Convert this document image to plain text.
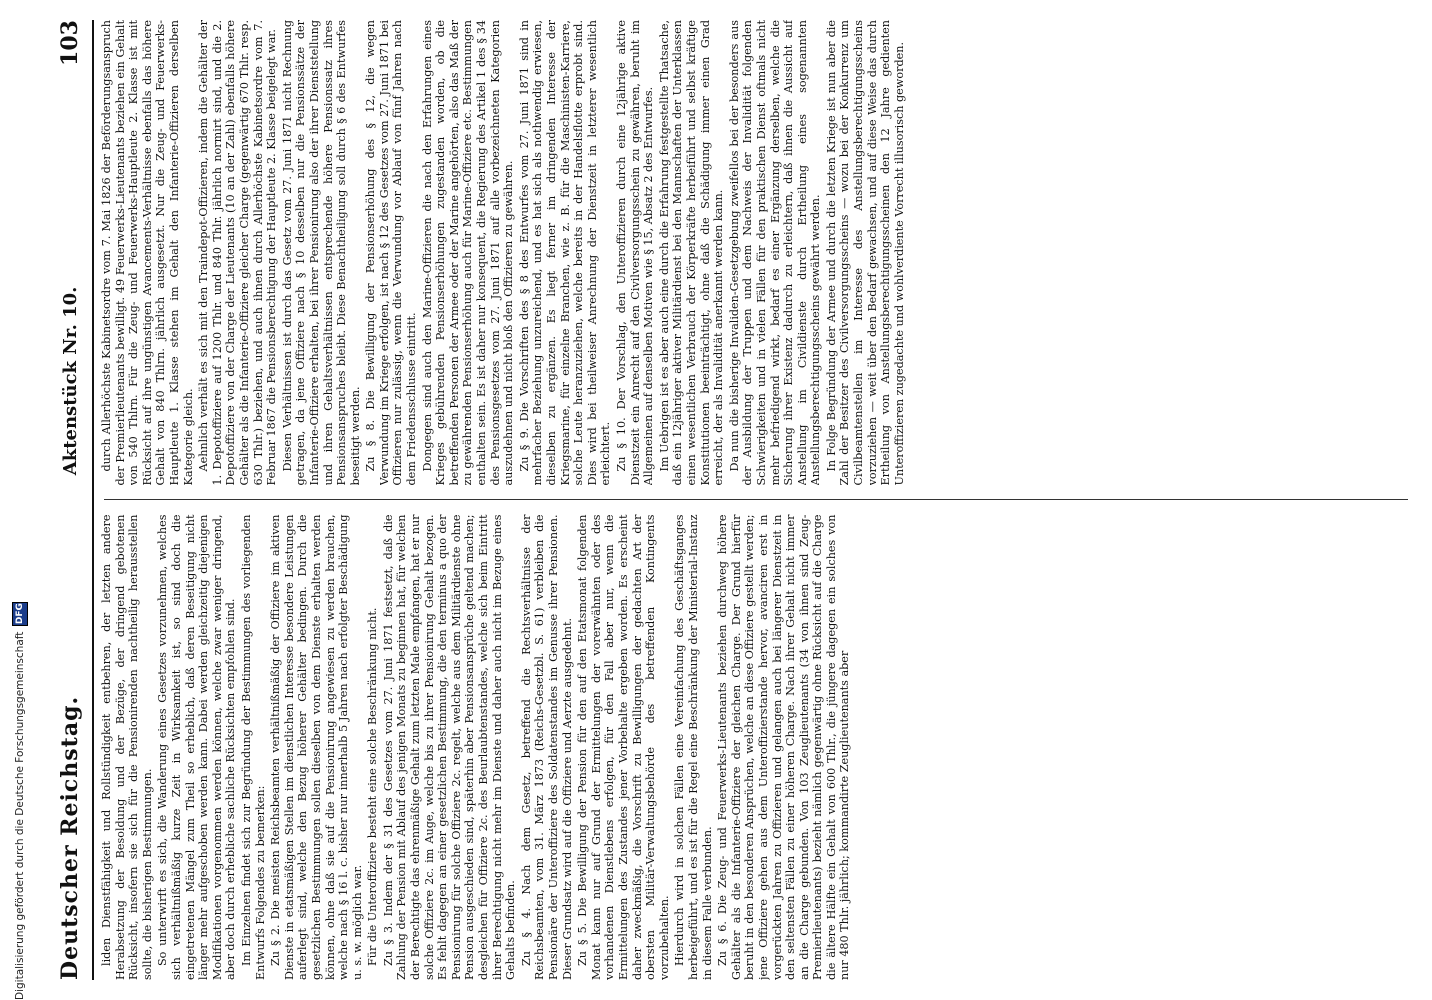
Digitalisierung gefördert durch die Deutsche Forschungsgemeinschaft
DFG
Deutscher Reichstag.
Aktenstück Nr. 10.
103

liden Dienstfähigkeit und Rollstündigkeit entbehren, der letzten andere Herabsetzung der Besoldung und der Bezüge, der dringend gebotenen Rücksicht, insofern sie sich für die Pensionirenden nachtheilig herausstellen sollte, die bisherigen Bestimmungen. So unterwirft es sich, die Wanderung eines Gesetzes vorzunehmen, welches sich verhältnißmäßig kurze Zeit in Wirksamkeit ist, so sind doch die eingetretenen Mängel zum Theil so erheblich, daß deren Beseitigung nicht länger mehr aufgeschoben werden kann. Dabei werden gleichzeitig diejenigen Modifikationen vorgenommen werden können, welche zwar weniger dringend, aber doch durch erhebliche sachliche Rücksichten empfohlen sind. Im Einzelnen findet sich zur Begründung der Bestimmungen des vorliegenden Entwurfs Folgendes zu bemerken: Zu § 2. Die meisten Reichsbeamten verhältnißmäßig der Offiziere im aktiven Dienste in etatsmäßigen Stellen im dienstlichen Interesse besondere Leistungen auferlegt sind, welche den Bezug höherer Gehälter bedingen. Durch die gesetzlichen Bestimmungen sollen dieselben von dem Dienste erhalten werden können, ohne daß sie auf die Pensionirung angewiesen zu werden brauchen, welche nach § 16 l. c. bisher nur innerhalb 5 Jahren nach erfolgter Beschädigung u. s. w. möglich war. Für die Unteroffiziere besteht eine solche Beschränkung nicht. Zu § 3. Indem der § 31 des Gesetzes vom 27. Juni 1871 festsetzt, daß die Zahlung der Pension mit Ablauf des jenigen Monats zu beginnen hat, für welchen der Berechtigte das ehrenmäßige Gehalt zum letzten Male empfangen, hat er nur solche Offiziere 2c. im Auge, welche bis zu ihrer Pensionirung Gehalt bezogen. Es fehlt dagegen an einer gesetzlichen Bestimmung, die den terminus a quo der Pensionirung für solche Offiziere 2c. regelt, welche aus dem Militärdienste ohne Pension ausgeschieden sind, späterhin aber Pensionsansprüche geltend machen; desgleichen für Offiziere 2c. des Beurlaubtenstandes, welche sich beim Eintritt ihrer Berechtigung nicht mehr im Dienste und daher auch nicht im Bezuge eines Gehalts befinden. Zu § 4. Nach dem Gesetz, betreffend die Rechtsverhältnisse der Reichsbeamten, vom 31. März 1873 (Reichs-Gesetzbl. S. 61) verbleiben die Pensionäre der Unteroffiziere des Soldatenstandes im Genusse ihrer Pensionen. Dieser Grundsatz wird auf die Offiziere und Aerzte ausgedehnt. Zu § 5. Die Bewilligung der Pension für den auf den Etatsmonat folgenden Monat kann nur auf Grund der Ermittelungen der vorerwähnten oder des vorhandenen Dienstlebens erfolgen, für den Fall aber nur, wenn die Ermittelungen des Zustandes jener Vorbehalte ergeben worden. Es erscheint daher zweckmäßig, die Vorschrift zu Bewilligungen der gedachten Art der obersten Militär-Verwaltungsbehörde des betreffenden Kontingents vorzubehalten. Hierdurch wird in solchen Fällen eine Vereinfachung des Geschäftsganges herbeigeführt, und es ist für die Regel eine Beschränkung der Ministerial-Instanz in diesem Falle verbunden. Zu § 6. Die Zeug- und Feuerwerks-Lieutenants beziehen durchweg höhere Gehälter als die Infanterie-Offiziere der gleichen Charge. Der Grund hierfür beruht in den besonderen Ansprüchen, welche an diese Offiziere gestellt werden; jene Offiziere gehen aus dem Unteroffizierstande hervor, avanciren erst in vorgerückten Jahren zu Offizieren und gelangen auch bei längerer Dienstzeit in den seltensten Fällen zu einer höheren Charge. Nach ihrer Gehalt nicht immer an die Charge gebunden. Von 103 Zeuglieutenants (34 von ihnen sind Zeug-Premierlieutenants) bezieht nämlich gegenwärtig ohne Rücksicht auf die Charge die ältere Hälfte ein Gehalt von 600 Thlr., die jüngere dagegen ein solches von nur 480 Thlr. jährlich; kommandirte Zeuglieutenants aber

durch Allerhöchste Kabinetsordre vom 7. Mai 1826 der Beförderungsanspruch der Premierlieutenants bewilligt. 49 Feuerwerks-Lieutenants beziehen ein Gehalt von 540 Thlrn. Für die Zeug- und Feuerwerks-Hauptleute 2. Klasse ist mit Rücksicht auf ihre ungünstigen Avancements-Verhältnisse ebenfalls das höhere Gehalt von 840 Thlrn. jährlich ausgesetzt. Nur die Zeug- und Feuerwerks-Hauptleute 1. Klasse stehen im Gehalt den Infanterie-Offizieren derselben Kategorie gleich. Aehnlich verhält es sich mit den Traindepot-Offizieren, indem die Gehälter der 1. Depotoffiziere auf 1200 Thlr. und 840 Thlr. jährlich normirt sind, und die 2. Depotoffiziere von der Charge der Lieutenants (10 an der Zahl) ebenfalls höhere Gehälter als die Infanterie-Offiziere gleicher Charge (gegenwärtig 670 Thlr. resp. 630 Thlr.) beziehen, und auch ihnen durch Allerhöchste Kabinetsordre vom 7. Februar 1867 die Pensionsberechtigung der Hauptleute 2. Klasse beigelegt war. Diesen Verhältnissen ist durch das Gesetz vom 27. Juni 1871 nicht Rechnung getragen, da jene Offiziere nach § 10 desselben nur die Pensionssätze der Infanterie-Offiziere erhalten, bei ihrer Pensionirung also der ihrer Dienststellung und ihren Gehaltsverhältnissen entsprechende höhere Pensionssatz ihres Pensionsanspruches bleibt. Diese Benachtheiligung soll durch § 6 des Entwurfes beseitigt werden. Zu § 8. Die Bewilligung der Pensionserhöhung des § 12, die wegen Verwundung im Kriege erfolgen, ist nach § 12 des Gesetzes vom 27. Juni 1871 bei Offizieren nur zulässig, wenn die Verwundung vor Ablauf von fünf Jahren nach dem Friedensschlusse eintritt. Dongegen sind auch den Marine-Offizieren die nach den Erfahrungen eines Krieges gebührenden Pensionserhöhungen zugestanden worden, ob die betreffenden Personen der Armee oder der Marine angehörten, also das Maß der zu gewährenden Pensionserhöhung auch für Marine-Offiziere etc. Bestimmungen enthalten sein. Es ist daher nur konsequent, die Regierung des Artikel 1 des § 34 des Pensionsgesetzes vom 27. Juni 1871 auf alle vorbezeichneten Kategorien auszudehnen und nicht bloß den Offizieren zu gewähren. Zu § 9. Die Vorschriften des § 8 des Entwurfes vom 27. Juni 1871 sind in mehrfacher Beziehung unzureichend, und es hat sich als nothwendig erwiesen, dieselben zu ergänzen. Es liegt ferner im dringenden Interesse der Kriegsmarine, für einzelne Branchen, wie z. B. für die Maschinisten-Karriere, solche Leute heranzuziehen, welche bereits in der Handelsflotte erprobt sind. Dies wird bei theilweiser Anrechnung der Dienstzeit in letzterer wesentlich erleichtert. Zu § 10. Der Vorschlag, den Unteroffizieren durch eine 12jährige aktive Dienstzeit ein Anrecht auf den Civilversorgungsschein zu gewähren, beruht im Allgemeinen auf denselben Motiven wie § 15, Absatz 2 des Entwurfes. Im Uebrigen ist es aber auch eine durch die Erfahrung festgestellte Thatsache, daß ein 12jähriger aktiver Militärdienst bei den Mannschaften der Unterklassen einen wesentlichen Verbrauch der Körperkräfte herbeiführt und selbst kräftige Konstitutionen beeinträchtigt, ohne daß die Schädigung immer einen Grad erreicht, der als Invalidität anerkannt werden kann. Da nun die bisherige Invaliden-Gesetzgebung zweifellos bei der besonders aus der Ausbildung der Truppen und dem Nachweis der Invalidität folgenden Schwierigkeiten und in vielen Fällen für den praktischen Dienst oftmals nicht mehr befriedigend wirkt, bedarf es einer Ergänzung derselben, welche die Sicherung ihrer Existenz dadurch zu erleichtern, daß ihnen die Aussicht auf Anstellung im Civildienste durch Ertheilung eines sogenannten Anstellungsberechtigungsscheins gewährt werden. In Folge Begründung der Armee und durch die letzten Kriege ist nun aber die Zahl der Besitzer des Civilversorgungsscheins — wozu bei der Konkurrenz um Civilbeamtenstellen im Interesse des Anstellungsberechtigungsscheins vorzuziehen — weit über den Bedarf gewachsen, und auf diese Weise das durch Ertheilung von Anstellungsberechtigungsscheinen den 12 Jahre gedienten Unteroffizieren zugedachte und wohlverdiente Vorrecht illusorisch geworden.
